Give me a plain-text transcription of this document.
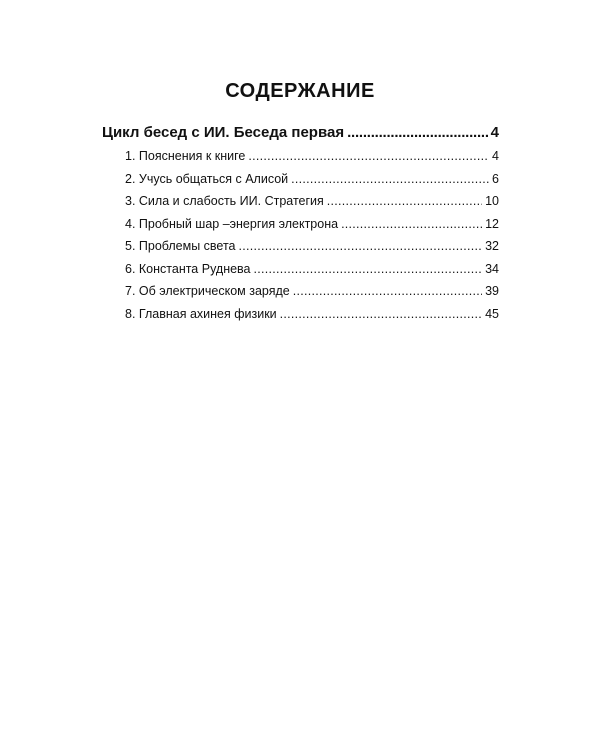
СОДЕРЖАНИЕ
Цикл бесед с ИИ. Беседа первая . . .	4
1. Пояснения к книге . . .	4
2. Учусь общаться с Алисой . . .	6
3. Сила и слабость ИИ. Стратегия . . .	10
4. Пробный шар –энергия электрона . . .	12
5. Проблемы света . . .	32
6. Константа Руднева . . .	34
7. Об электрическом заряде . . .	39
8. Главная ахинея физики . . .	45
